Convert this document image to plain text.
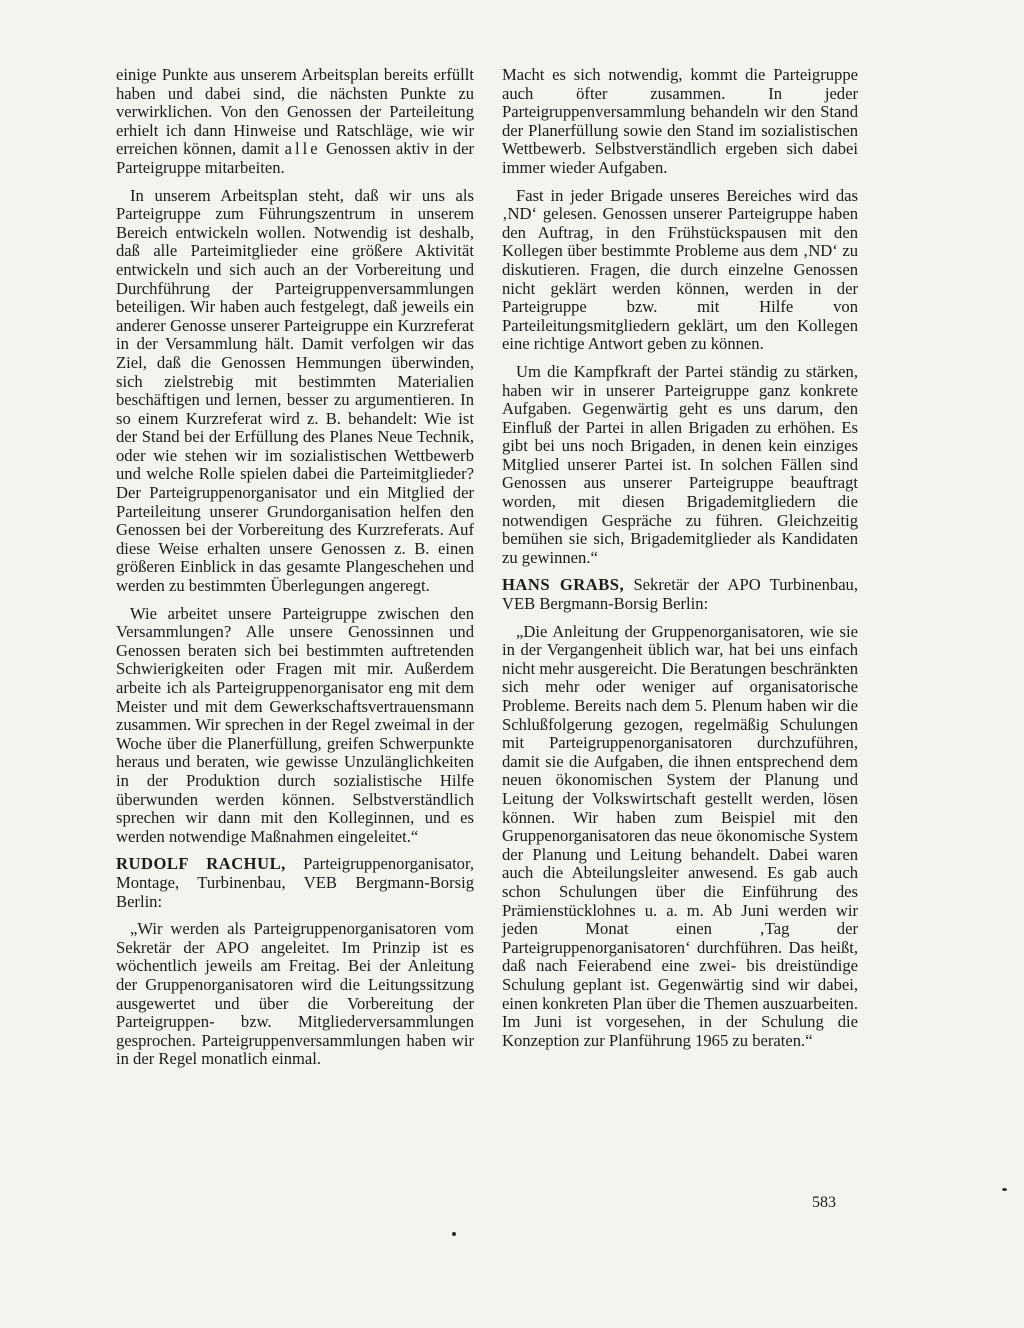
einige Punkte aus unserem Arbeitsplan bereits erfüllt haben und dabei sind, die nächsten Punkte zu verwirklichen. Von den Genossen der Parteileitung erhielt ich dann Hinweise und Ratschläge, wie wir erreichen können, damit alle Genossen aktiv in der Parteigruppe mitarbeiten.

In unserem Arbeitsplan steht, daß wir uns als Parteigruppe zum Führungszentrum in unserem Bereich entwickeln wollen. Notwendig ist deshalb, daß alle Parteimitglieder eine größere Aktivität entwickeln und sich auch an der Vorbereitung und Durchführung der Parteigruppenversammlungen beteiligen. Wir haben auch festgelegt, daß jeweils ein anderer Genosse unserer Parteigruppe ein Kurzreferat in der Versammlung hält. Damit verfolgen wir das Ziel, daß die Genossen Hemmungen überwinden, sich zielstrebig mit bestimmten Materialien beschäftigen und lernen, besser zu argumentieren. In so einem Kurzreferat wird z. B. behandelt: Wie ist der Stand bei der Erfüllung des Planes Neue Technik, oder wie stehen wir im sozialistischen Wettbewerb und welche Rolle spielen dabei die Parteimitglieder? Der Parteigruppenorganisator und ein Mitglied der Parteileitung unserer Grundorganisation helfen den Genossen bei der Vorbereitung des Kurzreferats. Auf diese Weise erhalten unsere Genossen z. B. einen größeren Einblick in das gesamte Plangeschehen und werden zu bestimmten Überlegungen angeregt.

Wie arbeitet unsere Parteigruppe zwischen den Versammlungen? Alle unsere Genossinnen und Genossen beraten sich bei bestimmten auftretenden Schwierigkeiten oder Fragen mit mir. Außerdem arbeite ich als Parteigruppenorganisator eng mit dem Meister und mit dem Gewerkschaftsvertrauensmann zusammen. Wir sprechen in der Regel zweimal in der Woche über die Planerfüllung, greifen Schwerpunkte heraus und beraten, wie gewisse Unzulänglichkeiten in der Produktion durch sozialistische Hilfe überwunden werden können. Selbstverständlich sprechen wir dann mit den Kolleginnen, und es werden notwendige Maßnahmen eingeleitet.“

RUDOLF RACHUL, Parteigruppenorganisator, Montage, Turbinenbau, VEB Bergmann-Borsig Berlin:

„Wir werden als Parteigruppenorganisatoren vom Sekretär der APO angeleitet. Im Prinzip ist es wöchentlich jeweils am Freitag. Bei der Anleitung der Gruppenorganisatoren wird die Leitungssitzung ausgewertet und über die Vorbereitung der Parteigruppen- bzw. Mitgliederversammlungen gesprochen. Parteigruppenversammlungen haben wir in der Regel monatlich einmal.

Macht es sich notwendig, kommt die Parteigruppe auch öfter zusammen. In jeder Parteigruppenversammlung behandeln wir den Stand der Planerfüllung sowie den Stand im sozialistischen Wettbewerb. Selbstverständlich ergeben sich dabei immer wieder Aufgaben.

Fast in jeder Brigade unseres Bereiches wird das ‚ND‘ gelesen. Genossen unserer Parteigruppe haben den Auftrag, in den Frühstückspausen mit den Kollegen über bestimmte Probleme aus dem ‚ND‘ zu diskutieren. Fragen, die durch einzelne Genossen nicht geklärt werden können, werden in der Parteigruppe bzw. mit Hilfe von Parteileitungsmitgliedern geklärt, um den Kollegen eine richtige Antwort geben zu können.

Um die Kampfkraft der Partei ständig zu stärken, haben wir in unserer Parteigruppe ganz konkrete Aufgaben. Gegenwärtig geht es uns darum, den Einfluß der Partei in allen Brigaden zu erhöhen. Es gibt bei uns noch Brigaden, in denen kein einziges Mitglied unserer Partei ist. In solchen Fällen sind Genossen aus unserer Parteigruppe beauftragt worden, mit diesen Brigademitgliedern die notwendigen Gespräche zu führen. Gleichzeitig bemühen sie sich, Brigademitglieder als Kandidaten zu gewinnen.“

HANS GRABS, Sekretär der APO Turbinenbau, VEB Bergmann-Borsig Berlin:

„Die Anleitung der Gruppenorganisatoren, wie sie in der Vergangenheit üblich war, hat bei uns einfach nicht mehr ausgereicht. Die Beratungen beschränkten sich mehr oder weniger auf organisatorische Probleme. Bereits nach dem 5. Plenum haben wir die Schlußfolgerung gezogen, regelmäßig Schulungen mit Parteigruppenorganisatoren durchzuführen, damit sie die Aufgaben, die ihnen entsprechend dem neuen ökonomischen System der Planung und Leitung der Volkswirtschaft gestellt werden, lösen können. Wir haben zum Beispiel mit den Gruppenorganisatoren das neue ökonomische System der Planung und Leitung behandelt. Dabei waren auch die Abteilungsleiter anwesend. Es gab auch schon Schulungen über die Einführung des Prämienstücklohnes u. a. m. Ab Juni werden wir jeden Monat einen ‚Tag der Parteigruppenorganisatoren‘ durchführen. Das heißt, daß nach Feierabend eine zwei- bis dreistündige Schulung geplant ist. Gegenwärtig sind wir dabei, einen konkreten Plan über die Themen auszuarbeiten. Im Juni ist vorgesehen, in der Schulung die Konzeption zur Planführung 1965 zu beraten.“

583
